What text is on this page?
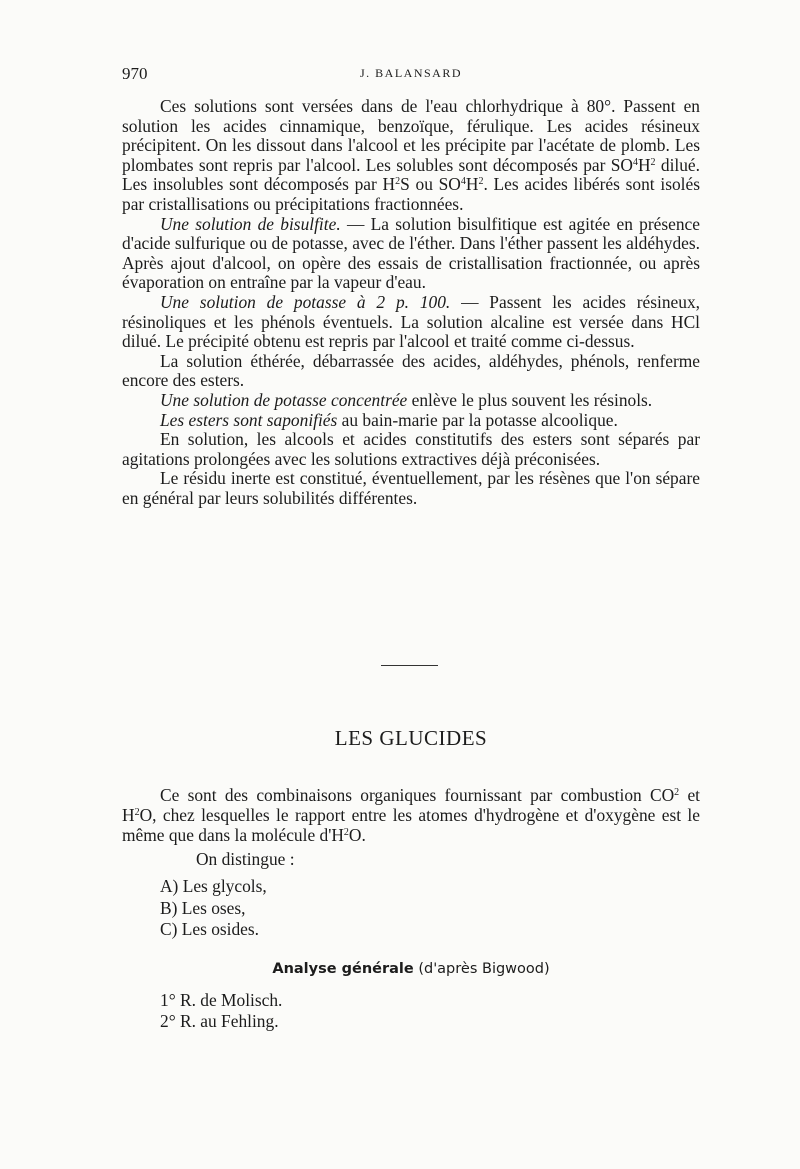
970	J. BALANSARD

Ces solutions sont versées dans de l'eau chlorhydrique à 80°. Passent en solution les acides cinnamique, benzoïque, férulique. Les acides résineux précipitent. On les dissout dans l'alcool et les précipite par l'acétate de plomb. Les plombates sont repris par l'alcool. Les solubles sont décomposés par $SO^4H^2$ dilué. Les insolubles sont décomposés par $H^2S$ ou $SO^4H^2$. Les acides libérés sont isolés par cristallisations ou précipitations fractionnées.

Une solution de bisulfite. — La solution bisulfitique est agitée en présence d'acide sulfurique ou de potasse, avec de l'éther. Dans l'éther passent les aldéhydes. Après ajout d'alcool, on opère des essais de cristallisation fractionnée, ou après évaporation on entraîne par la vapeur d'eau.

Une solution de potasse à 2 p. 100. — Passent les acides résineux, résinoliques et les phénols éventuels. La solution alcaline est versée dans HCl dilué. Le précipité obtenu est repris par l'alcool et traité comme ci-dessus.

La solution éthérée, débarrassée des acides, aldéhydes, phénols, renferme encore des esters.

Une solution de potasse concentrée enlève le plus souvent les résinols.

Les esters sont saponifiés au bain-marie par la potasse alcoolique.

En solution, les alcools et acides constitutifs des esters sont séparés par agitations prolongées avec les solutions extractives déjà préconisées.

Le résidu inerte est constitué, éventuellement, par les résènes que l'on sépare en général par leurs solubilités différentes.

LES GLUCIDES

Ce sont des combinaisons organiques fournissant par combustion $CO^2$ et $H^2O$, chez lesquelles le rapport entre les atomes d'hydrogène et d'oxygène est le même que dans la molécule $d'H^2O$.

On distingue :
A) Les glycols,
B) Les oses,
C) Les osides.
Analyse générale (d'après Bigwood)
1° R. de Molisch.
2° R. au Fehling.
